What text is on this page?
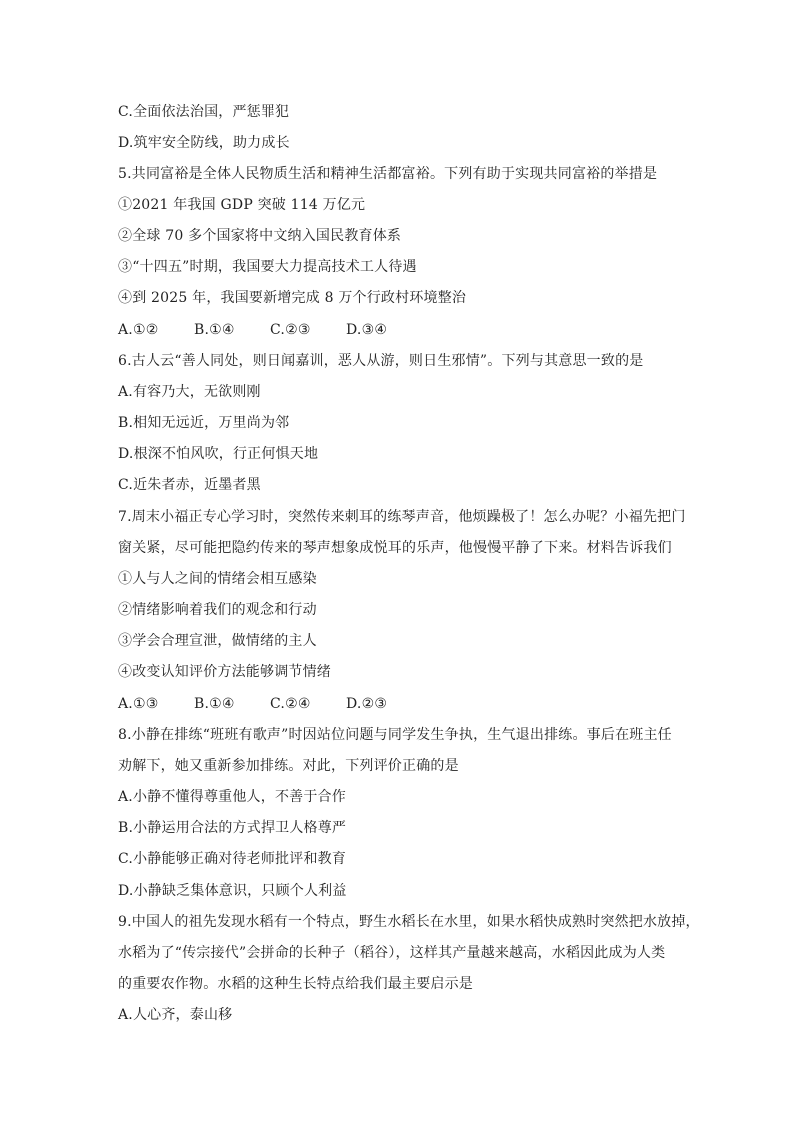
C.全面依法治国，严惩罪犯
D.筑牢安全防线，助力成长
5.共同富裕是全体人民物质生活和精神生活都富裕。下列有助于实现共同富裕的举措是
①2021 年我国 GDP 突破 114 万亿元
②全球 70 多个国家将中文纳入国民教育体系
③“十四五”时期，我国要大力提高技术工人待遇
④到 2025 年，我国要新增完成 8 万个行政村环境整治
A.①②	B.①④	C.②③	D.③④
6.古人云“善人同处，则日闻嘉训，恶人从游，则日生邪情”。下列与其意思一致的是
A.有容乃大，无欲则刚
B.相知无远近，万里尚为邻
D.根深不怕风吹，行正何惧天地
C.近朱者赤，近墨者黑
7.周末小福正专心学习时，突然传来刺耳的练琴声音，他烦躁极了！怎么办呢？小福先把门
窗关紧，尽可能把隐约传来的琴声想象成悦耳的乐声，他慢慢平静了下来。材料告诉我们
①人与人之间的情绪会相互感染
②情绪影响着我们的观念和行动
③学会合理宣泄，做情绪的主人
④改变认知评价方法能够调节情绪
A.①③	B.①④	C.②④	D.②③
8.小静在排练“班班有歌声”时因站位问题与同学发生争执，生气退出排练。事后在班主任
劝解下，她又重新参加排练。对此，下列评价正确的是
A.小静不懂得尊重他人，不善于合作
B.小静运用合法的方式捍卫人格尊严
C.小静能够正确对待老师批评和教育
D.小静缺乏集体意识，只顾个人利益
9.中国人的祖先发现水稻有一个特点，野生水稻长在水里，如果水稻快成熟时突然把水放掉，
水稻为了“传宗接代”会拼命的长种子（稻谷），这样其产量越来越高，水稻因此成为人类
的重要农作物。水稻的这种生长特点给我们最主要启示是
A.人心齐，泰山移
